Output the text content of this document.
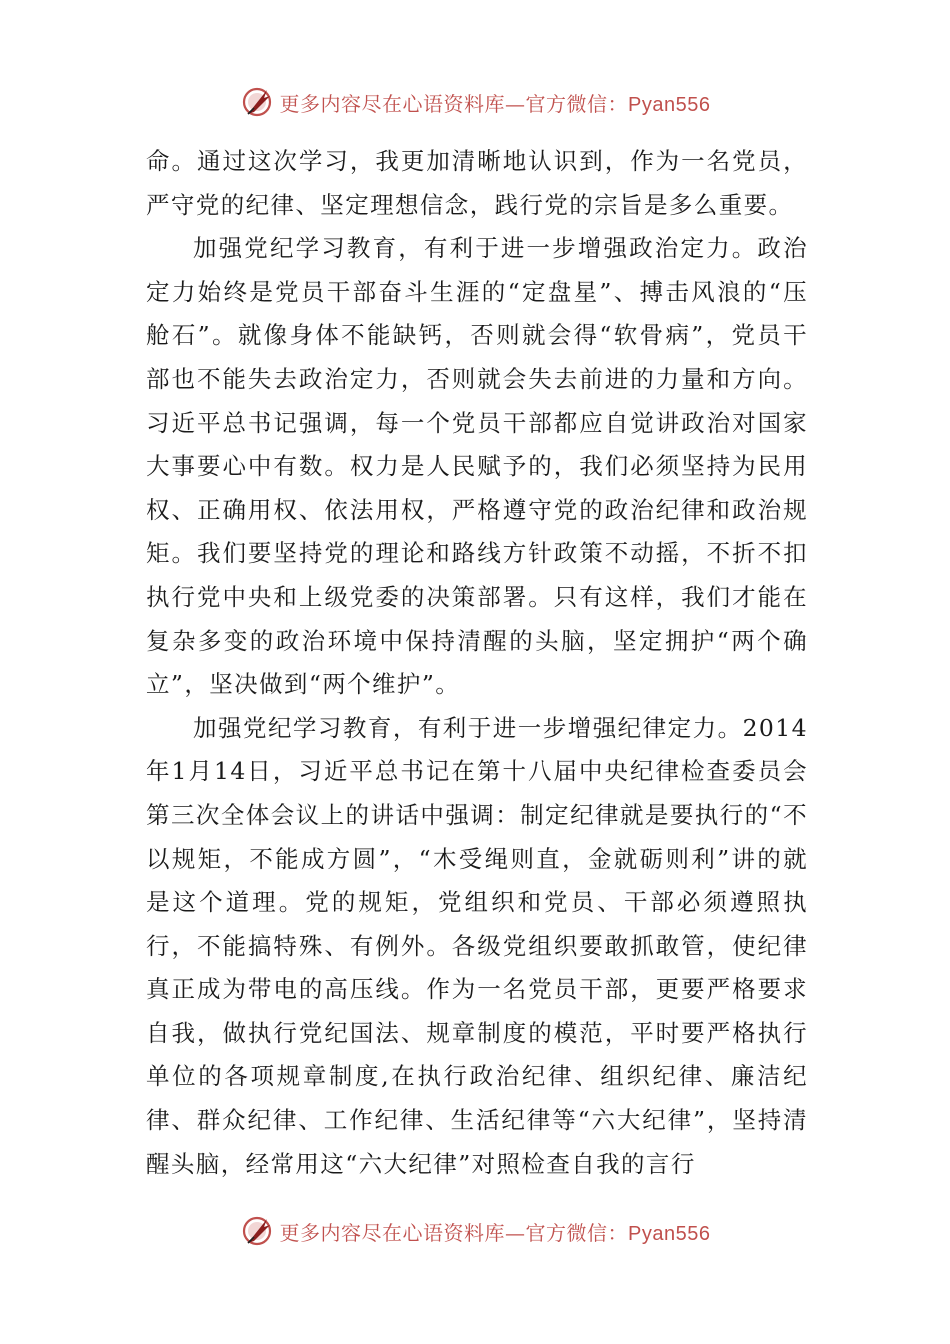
更多内容尽在心语资料库—官方微信：Pyan556

命。通过这次学习，我更加清晰地认识到，作为一名党员，严守党的纪律、坚定理想信念，践行党的宗旨是多么重要。

加强党纪学习教育，有利于进一步增强政治定力。政治定力始终是党员干部奋斗生涯的“定盘星”、搏击风浪的“压舱石”。就像身体不能缺钙，否则就会得“软骨病”，党员干部也不能失去政治定力，否则就会失去前进的力量和方向。习近平总书记强调，每一个党员干部都应自觉讲政治对国家大事要心中有数。权力是人民赋予的，我们必须坚持为民用权、正确用权、依法用权，严格遵守党的政治纪律和政治规矩。我们要坚持党的理论和路线方针政策不动摇，不折不扣执行党中央和上级党委的决策部署。只有这样，我们才能在复杂多变的政治环境中保持清醒的头脑，坚定拥护“两个确立”，坚决做到“两个维护”。

加强党纪学习教育，有利于进一步增强纪律定力。2014年1月14日，习近平总书记在第十八届中央纪律检查委员会第三次全体会议上的讲话中强调：制定纪律就是要执行的“不以规矩，不能成方圆”，“木受绳则直，金就砺则利”讲的就是这个道理。党的规矩，党组织和党员、干部必须遵照执行，不能搞特殊、有例外。各级党组织要敢抓敢管，使纪律真正成为带电的高压线。作为一名党员干部，更要严格要求自我，做执行党纪国法、规章制度的模范，平时要严格执行单位的各项规章制度,在执行政治纪律、组织纪律、廉洁纪律、群众纪律、工作纪律、生活纪律等“六大纪律”，坚持清醒头脑，经常用这“六大纪律”对照检查自我的言行

更多内容尽在心语资料库—官方微信：Pyan556
